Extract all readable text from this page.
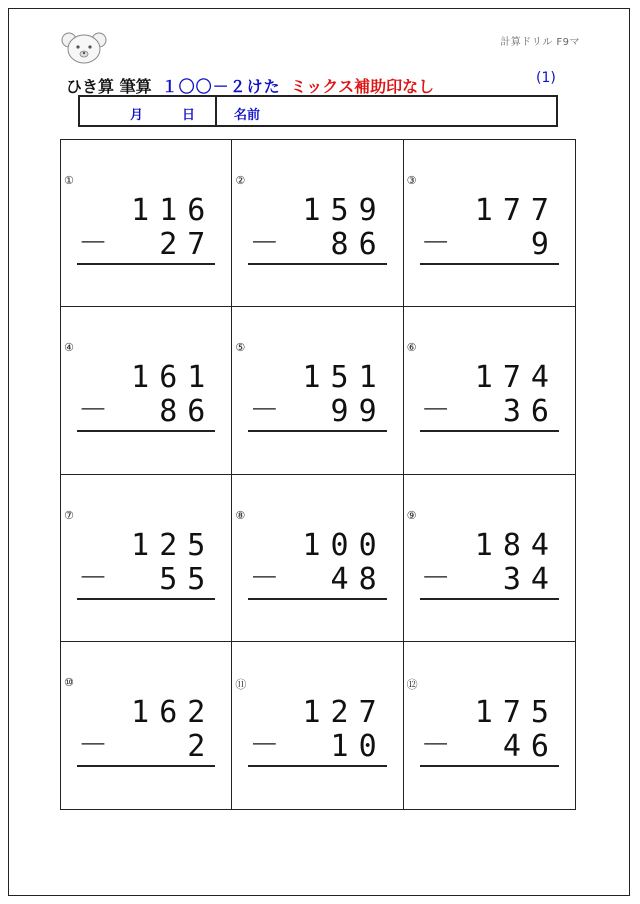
計算ドリル F9マ
ひき算 筆算 １〇〇－２けた ミックス補助印なし	(1)
月	日	名前
①
116
－ 27
②
159
－ 86
③
177
－ 9
④
161
－ 86
⑤
151
－ 99
⑥
174
－ 36
⑦
125
－ 55
⑧
100
－ 48
⑨
184
－ 34
⑩
162
－ 2
⑪
127
－ 10
⑫
175
－ 46
